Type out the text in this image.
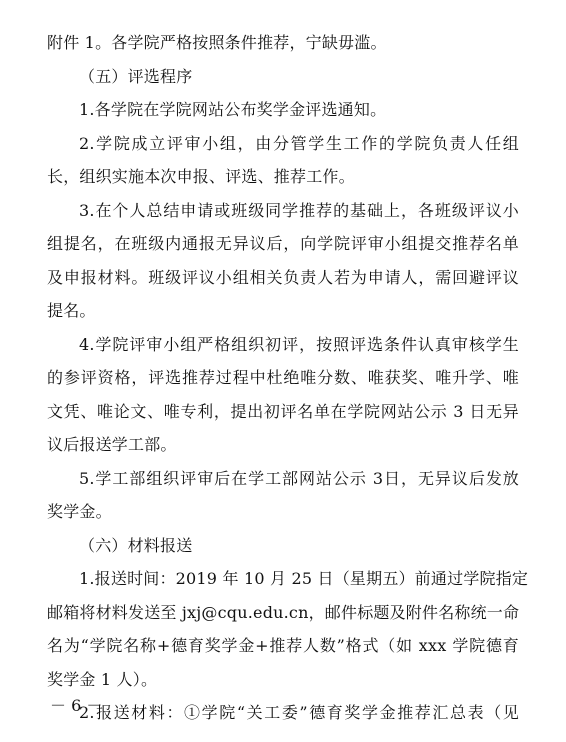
附件 1。各学院严格按照条件推荐，宁缺毋滥。
（五）评选程序
1.各学院在学院网站公布奖学金评选通知。
2.学院成立评审小组，由分管学生工作的学院负责人任组
长，组织实施本次申报、评选、推荐工作。
3.在个人总结申请或班级同学推荐的基础上，各班级评议小
组提名，在班级内通报无异议后，向学院评审小组提交推荐名单
及申报材料。班级评议小组相关负责人若为申请人，需回避评议
提名。
4.学院评审小组严格组织初评，按照评选条件认真审核学生
的参评资格，评选推荐过程中杜绝唯分数、唯获奖、唯升学、唯
文凭、唯论文、唯专利，提出初评名单在学院网站公示 3 日无异
议后报送学工部。
5.学工部组织评审后在学工部网站公示 3日，无异议后发放
奖学金。
（六）材料报送
1.报送时间：2019 年 10 月 25 日（星期五）前通过学院指定
邮箱将材料发送至 jxj@cqu.edu.cn，邮件标题及附件名称统一命
名为“学院名称+德育奖学金+推荐人数”格式（如 xxx 学院德育
奖学金 1 人）。
2.报送材料：①学院“关工委”德育奖学金推荐汇总表（见
－ 6 －
